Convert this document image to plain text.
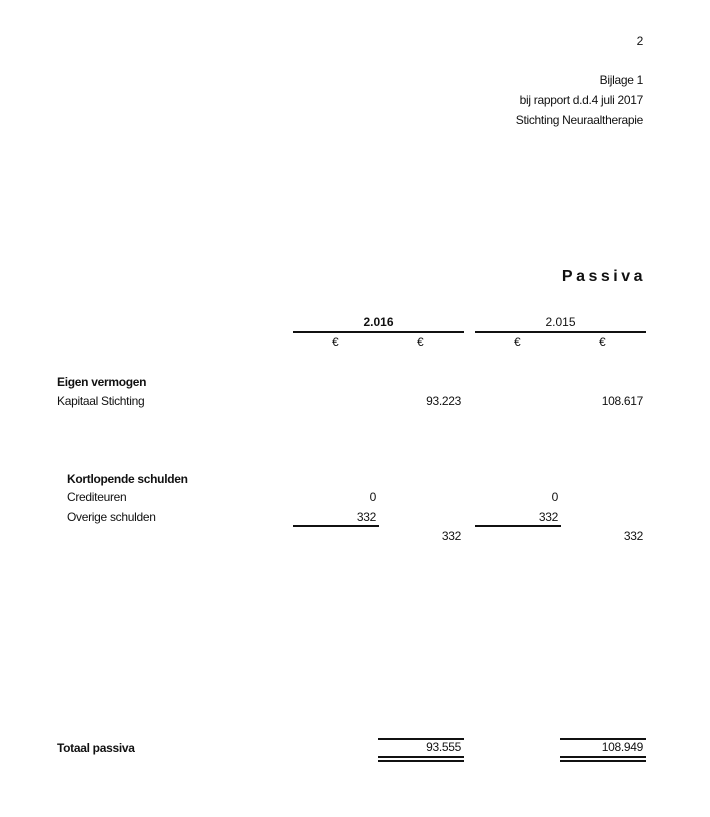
2
Bijlage 1
bij rapport d.d.4 juli 2017
Stichting Neuraaltherapie
Passiva
2.016	2.015
€	€	€	€
Eigen vermogen
Kapitaal Stichting	93.223	108.617
Kortlopende schulden
Crediteuren	0	0
Overige schulden	332	332
332	332
Totaal passiva	93.555	108.949
